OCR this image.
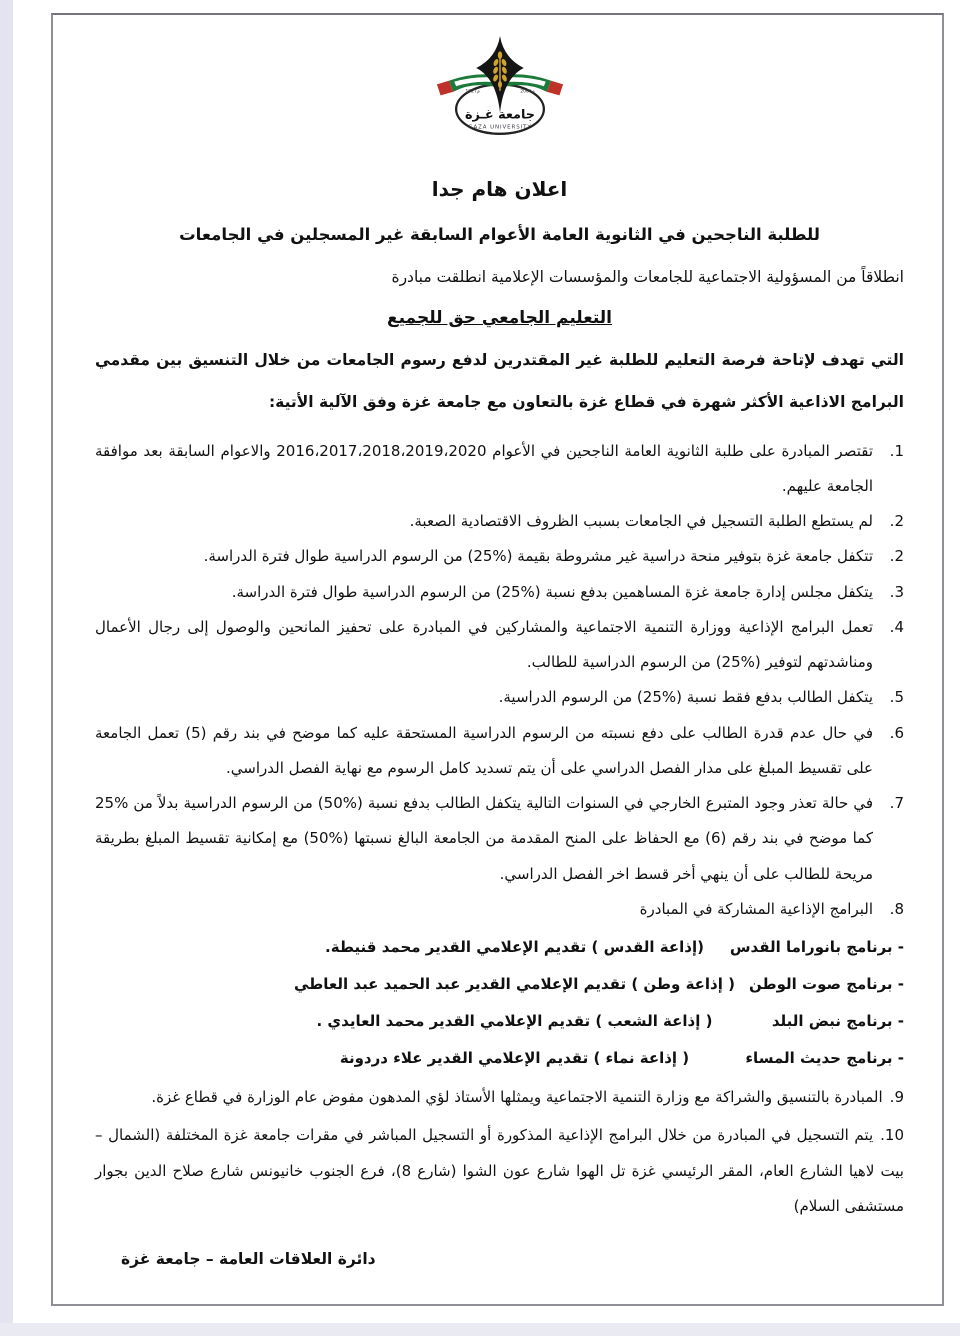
م1827	م2006
جامعة غـزة
GAZA UNIVERSITY
اعلان هام جدا
للطلبة الناجحين في الثانوية العامة الأعوام السابقة غير المسجلين في الجامعات
انطلاقاً من المسؤولية الاجتماعية للجامعات والمؤسسات الإعلامية انطلقت مبادرة
التعليم الجامعي حق للجميع
التي تهدف لإتاحة فرصة التعليم للطلبة غير المقتدرين لدفع رسوم الجامعات من خلال التنسيق بين مقدمي البرامج الاذاعية الأكثر شهرة في قطاع غزة بالتعاون مع جامعة غزة وفق الآلية الأتية:
1.
تقتصر المبادرة على طلبة الثانوية العامة الناجحين في الأعوام ‭2016،2017،2018،2019،2020‬ والاعوام السابقة بعد موافقة الجامعة عليهم.
2.
لم يستطع الطلبة التسجيل في الجامعات بسبب الظروف الاقتصادية الصعبة.
2.
تتكفل جامعة غزة بتوفير منحة دراسية غير مشروطة بقيمة (%25) من الرسوم الدراسية طوال فترة الدراسة.
3.
يتكفل مجلس إدارة جامعة غزة المساهمين بدفع نسبة (%25) من الرسوم الدراسية طوال فترة الدراسة.
4.
تعمل البرامج الإذاعية ووزارة التنمية الاجتماعية والمشاركين في المبادرة على تحفيز المانحين والوصول إلى رجال الأعمال ومناشدتهم لتوفير (%25) من الرسوم الدراسية للطالب.
5.
يتكفل الطالب بدفع فقط نسبة (%25) من الرسوم الدراسية.
6.
في حال عدم قدرة الطالب على دفع نسبته من الرسوم الدراسية المستحقة عليه كما موضح في بند رقم (5) تعمل الجامعة على تقسيط المبلغ على مدار الفصل الدراسي على أن يتم تسديد كامل الرسوم مع نهاية الفصل الدراسي.
7.
في حالة تعذر وجود المتبرع الخارجي في السنوات التالية يتكفل الطالب بدفع نسبة (%50) من الرسوم الدراسية بدلاً من %25 كما موضح في بند رقم (6) مع الحفاظ على المنح المقدمة من الجامعة البالغ نسبتها (%50) مع إمكانية تقسيط المبلغ بطريقة مريحة للطالب على أن ينهي أخر قسط اخر الفصل الدراسي.
8.
البرامج الإذاعية المشاركة في المبادرة
- برنامج بانوراما القدس
(إذاعة القدس ) تقديم الإعلامي القدير محمد قنيطة.
- برنامج صوت الوطن
( إذاعة وطن ) تقديم الإعلامي القدير عبد الحميد عبد العاطي
- برنامج نبض البلد
( إذاعة الشعب ) تقديم الإعلامي القدير محمد العايدي .
- برنامج حديث المساء
( إذاعة نماء ) تقديم الإعلامي القدير علاء دردونة
9.المبادرة بالتنسيق والشراكة مع وزارة التنمية الاجتماعية ويمثلها الأستاذ لؤي المدهون مفوض عام الوزارة في قطاع غزة.
10.يتم التسجيل في المبادرة من خلال البرامج الإذاعية المذكورة أو التسجيل المباشر في مقرات جامعة غزة المختلفة (الشمال – بيت لاهيا الشارع العام، المقر الرئيسي غزة تل الهوا شارع عون الشوا (شارع 8)، فرع الجنوب خانيونس شارع صلاح الدين بجوار مستشفى السلام)
دائرة العلاقات العامة – جامعة غزة
